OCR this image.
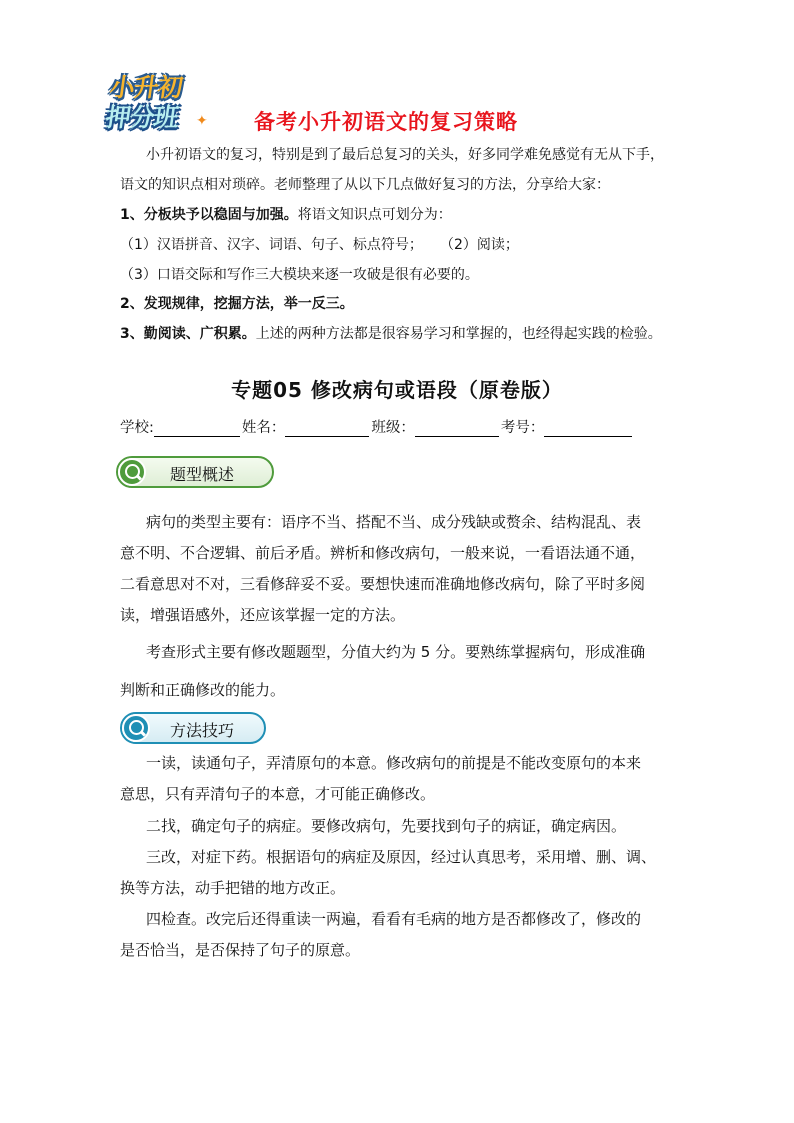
小升初
押分班 ✦ 备考小升初语文的复习策略
小升初语文的复习，特别是到了最后总复习的关头，好多同学难免感觉有无从下手，
语文的知识点相对琐碎。老师整理了从以下几点做好复习的方法，分享给大家：
1、分板块予以稳固与加强。将语文知识点可划分为：
（1）汉语拼音、汉字、词语、句子、标点符号； （2）阅读；
（3）口语交际和写作三大模块来逐一攻破是很有必要的。
2、发现规律，挖掘方法，举一反三。
3、勤阅读、广积累。上述的两种方法都是很容易学习和掌握的，也经得起实践的检验。
专题05 修改病句或语段（原卷版）
学校:	姓名：	班级：	考号：
题型概述
病句的类型主要有：语序不当、搭配不当、成分残缺或赘余、结构混乱、表
意不明、不合逻辑、前后矛盾。辨析和修改病句，一般来说，一看语法通不通，
二看意思对不对，三看修辞妥不妥。要想快速而准确地修改病句，除了平时多阅
读，增强语感外，还应该掌握一定的方法。
考查形式主要有修改题题型，分值大约为 5 分。要熟练掌握病句，形成准确
判断和正确修改的能力。
方法技巧
一读，读通句子，弄清原句的本意。修改病句的前提是不能改变原句的本来
意思，只有弄清句子的本意，才可能正确修改。
二找，确定句子的病症。要修改病句，先要找到句子的病证，确定病因。
三改，对症下药。根据语句的病症及原因，经过认真思考，采用增、删、调、
换等方法，动手把错的地方改正。
四检查。改完后还得重读一两遍，看看有毛病的地方是否都修改了，修改的
是否恰当，是否保持了句子的原意。
